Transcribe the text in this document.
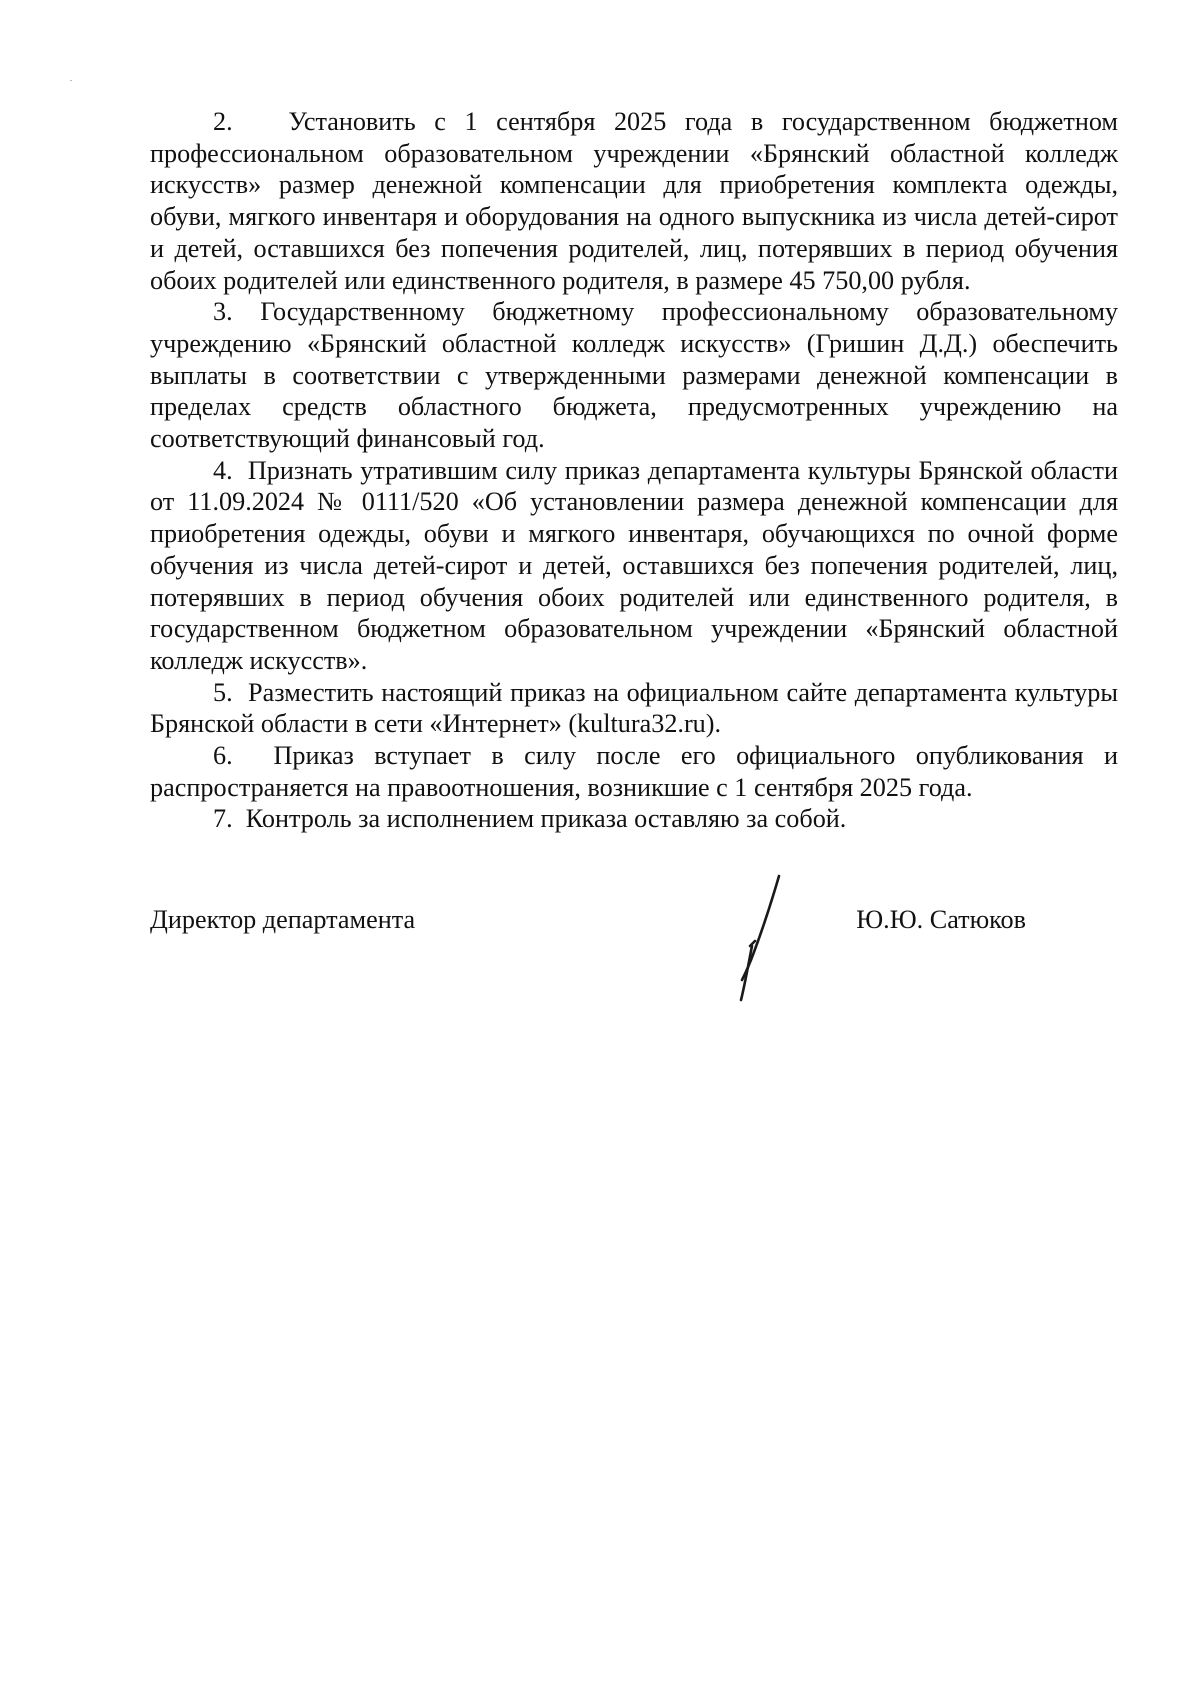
2. Установить с 1 сентября 2025 года в государственном бюджетном профессиональном образовательном учреждении «Брянский областной колледж искусств» размер денежной компенсации для приобретения комплекта одежды, обуви, мягкого инвентаря и оборудования на одного выпускника из числа детей-сирот и детей, оставшихся без попечения родителей, лиц, потерявших в период обучения обоих родителей или единственного родителя, в размере 45 750,00 рубля.

3. Государственному бюджетному профессиональному образовательному учреждению «Брянский областной колледж искусств» (Гришин Д.Д.) обеспечить выплаты в соответствии с утвержденными размерами денежной компенсации в пределах средств областного бюджета, предусмотренных учреждению на соответствующий финансовый год.

4. Признать утратившим силу приказ департамента культуры Брянской области от 11.09.2024 № 0111/520 «Об установлении размера денежной компенсации для приобретения одежды, обуви и мягкого инвентаря, обучающихся по очной форме обучения из числа детей-сирот и детей, оставшихся без попечения родителей, лиц, потерявших в период обучения обоих родителей или единственного родителя, в государственном бюджетном образовательном учреждении «Брянский областной колледж искусств».

5. Разместить настоящий приказ на официальном сайте департамента культуры Брянской области в сети «Интернет» (kultura32.ru).

6. Приказ вступает в силу после его официального опубликования и распространяется на правоотношения, возникшие с 1 сентября 2025 года.

7. Контроль за исполнением приказа оставляю за собой.

Директор департамента	Ю.Ю. Сатюков
